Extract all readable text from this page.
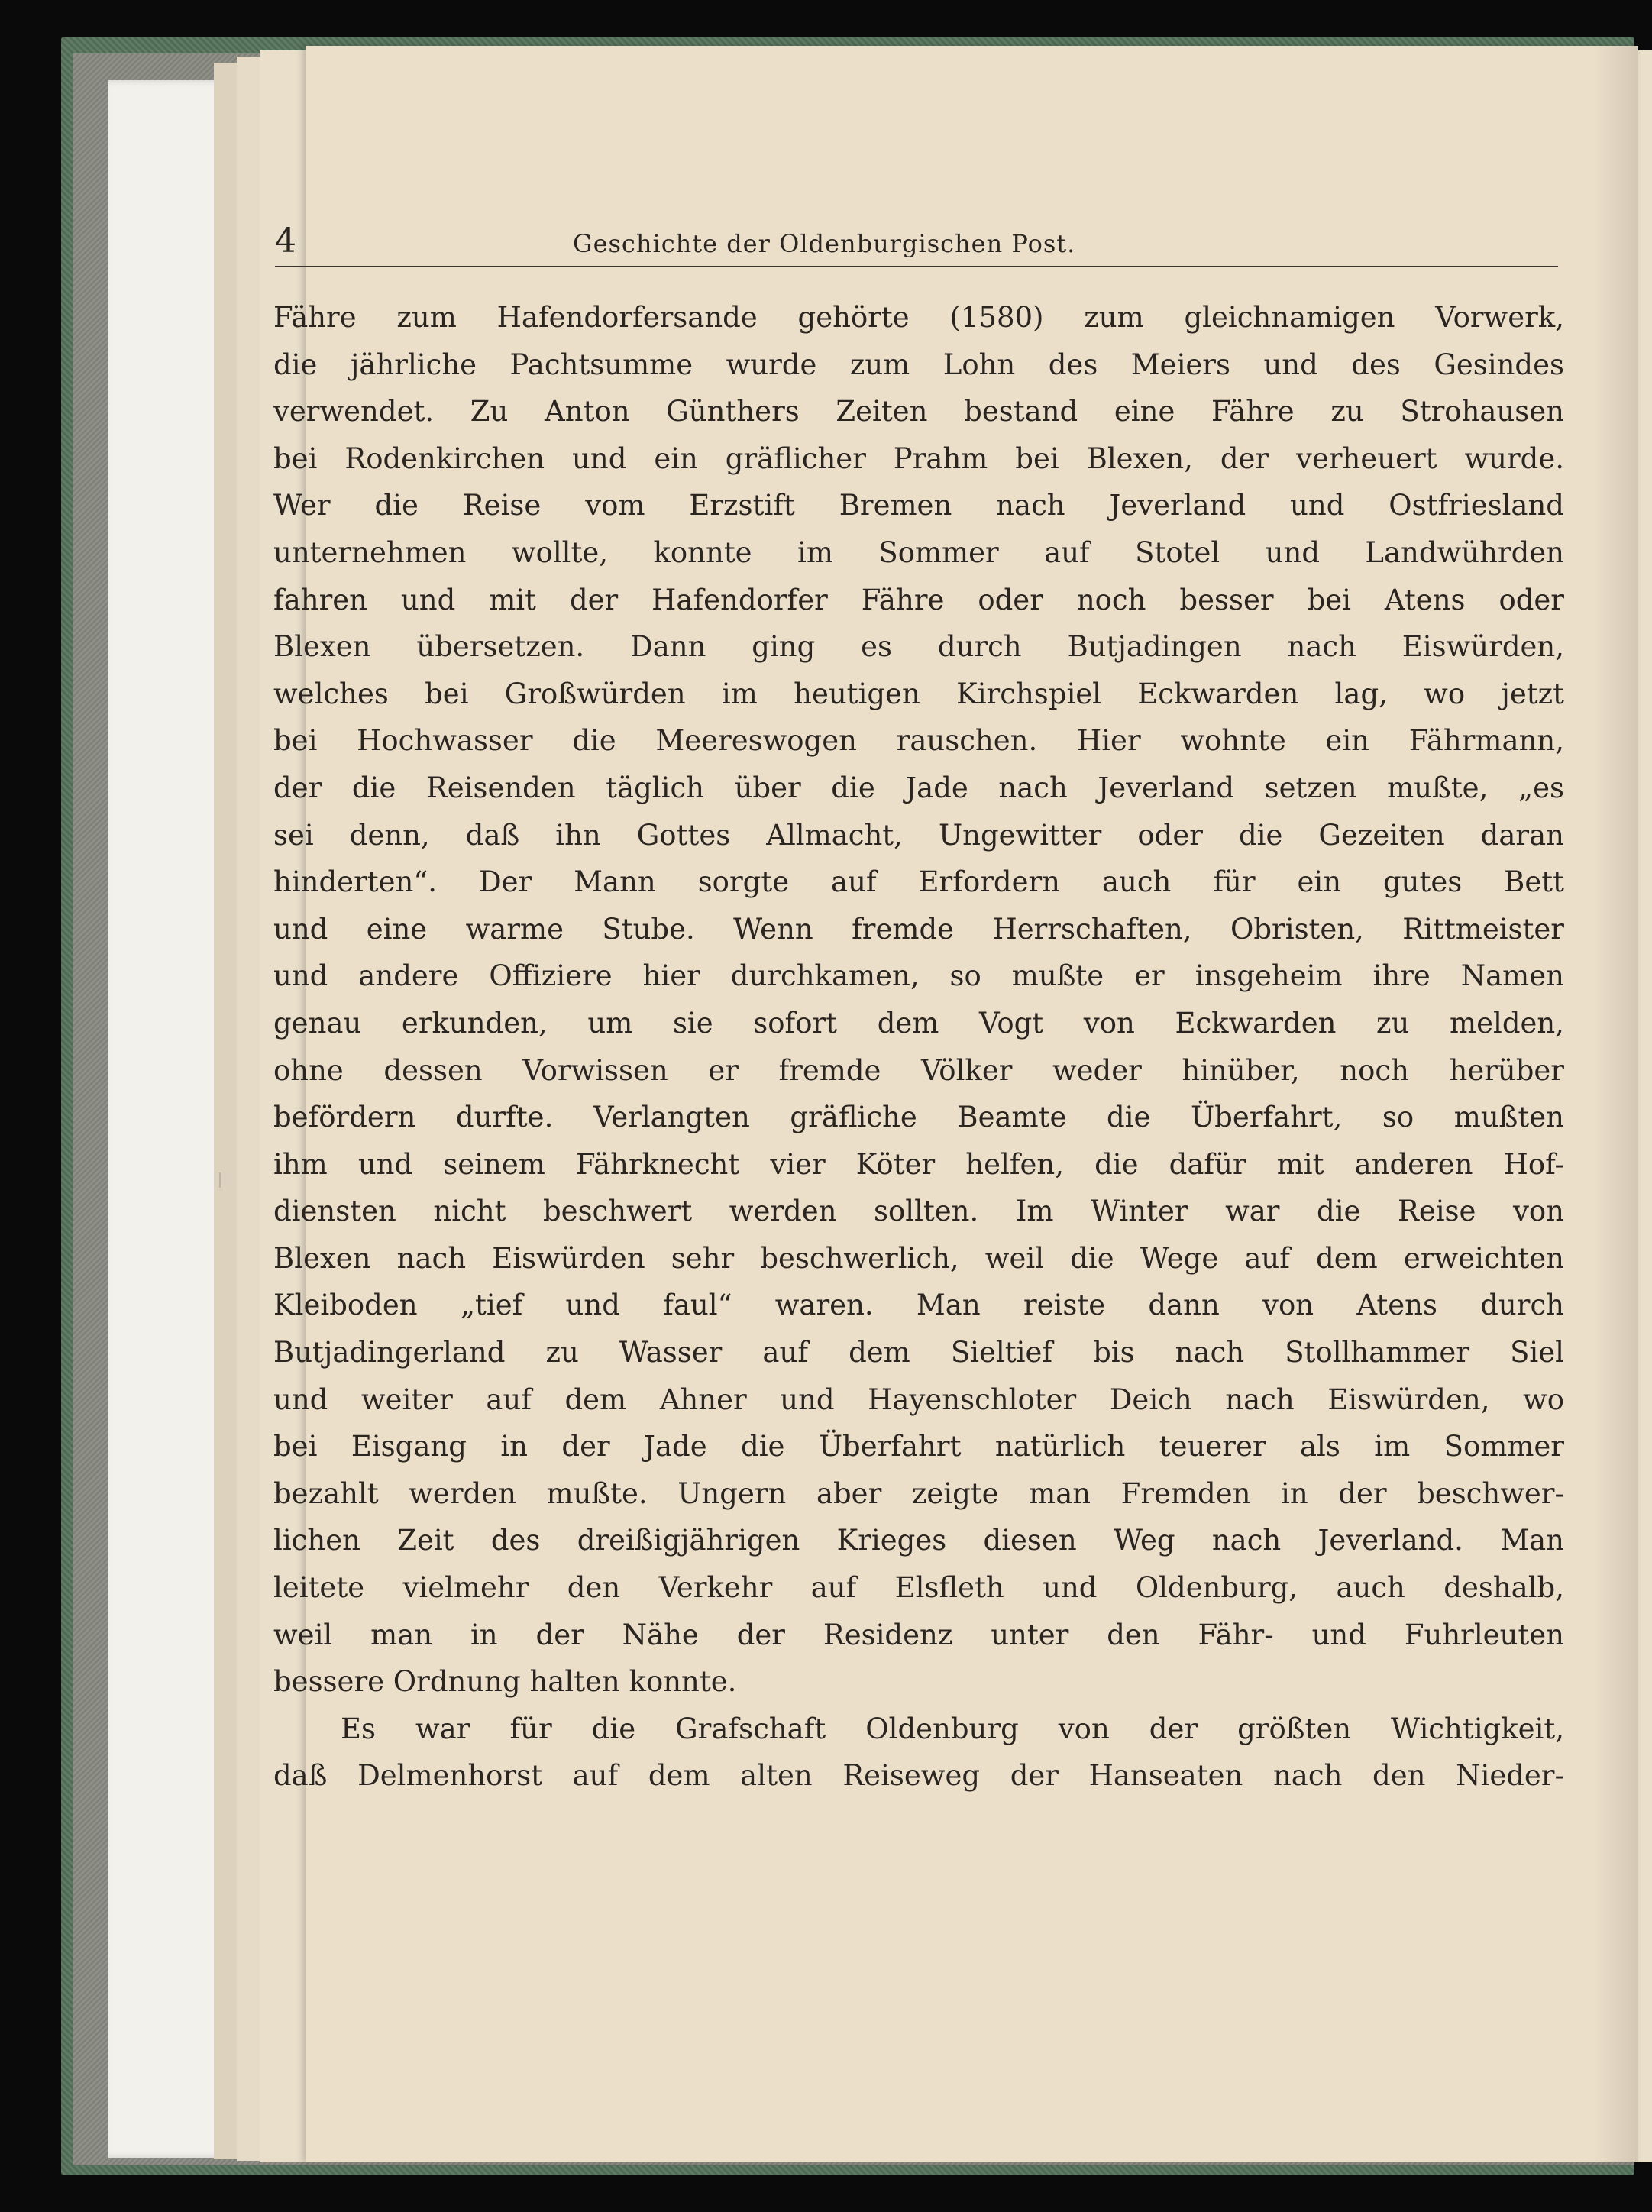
4	Geschichte der Oldenburgischen Post.
Fähre zum Hafendorfersande gehörte (1580) zum gleichnamigen Vorwerk,
die jährliche Pachtsumme wurde zum Lohn des Meiers und des Gesindes
verwendet. Zu Anton Günthers Zeiten bestand eine Fähre zu Strohausen
bei Rodenkirchen und ein gräflicher Prahm bei Blexen, der verheuert wurde.
Wer die Reise vom Erzstift Bremen nach Jeverland und Ostfriesland
unternehmen wollte, konnte im Sommer auf Stotel und Landwührden
fahren und mit der Hafendorfer Fähre oder noch besser bei Atens oder
Blexen übersetzen. Dann ging es durch Butjadingen nach Eiswürden,
welches bei Großwürden im heutigen Kirchspiel Eckwarden lag, wo jetzt
bei Hochwasser die Meereswogen rauschen. Hier wohnte ein Fährmann,
der die Reisenden täglich über die Jade nach Jeverland setzen mußte, „es
sei denn, daß ihn Gottes Allmacht, Ungewitter oder die Gezeiten daran
hinderten“. Der Mann sorgte auf Erfordern auch für ein gutes Bett
und eine warme Stube. Wenn fremde Herrschaften, Obristen, Rittmeister
und andere Offiziere hier durchkamen, so mußte er insgeheim ihre Namen
genau erkunden, um sie sofort dem Vogt von Eckwarden zu melden,
ohne dessen Vorwissen er fremde Völker weder hinüber, noch herüber
befördern durfte. Verlangten gräfliche Beamte die Überfahrt, so mußten
ihm und seinem Fährknecht vier Köter helfen, die dafür mit anderen Hof-
diensten nicht beschwert werden sollten. Im Winter war die Reise von
Blexen nach Eiswürden sehr beschwerlich, weil die Wege auf dem erweichten
Kleiboden „tief und faul“ waren. Man reiste dann von Atens durch
Butjadingerland zu Wasser auf dem Sieltief bis nach Stollhammer Siel
und weiter auf dem Ahner und Hayenschloter Deich nach Eiswürden, wo
bei Eisgang in der Jade die Überfahrt natürlich teuerer als im Sommer
bezahlt werden mußte. Ungern aber zeigte man Fremden in der beschwer-
lichen Zeit des dreißigjährigen Krieges diesen Weg nach Jeverland. Man
leitete vielmehr den Verkehr auf Elsfleth und Oldenburg, auch deshalb,
weil man in der Nähe der Residenz unter den Fähr- und Fuhrleuten
bessere Ordnung halten konnte.
Es war für die Grafschaft Oldenburg von der größten Wichtigkeit,
daß Delmenhorst auf dem alten Reiseweg der Hanseaten nach den Nieder-
